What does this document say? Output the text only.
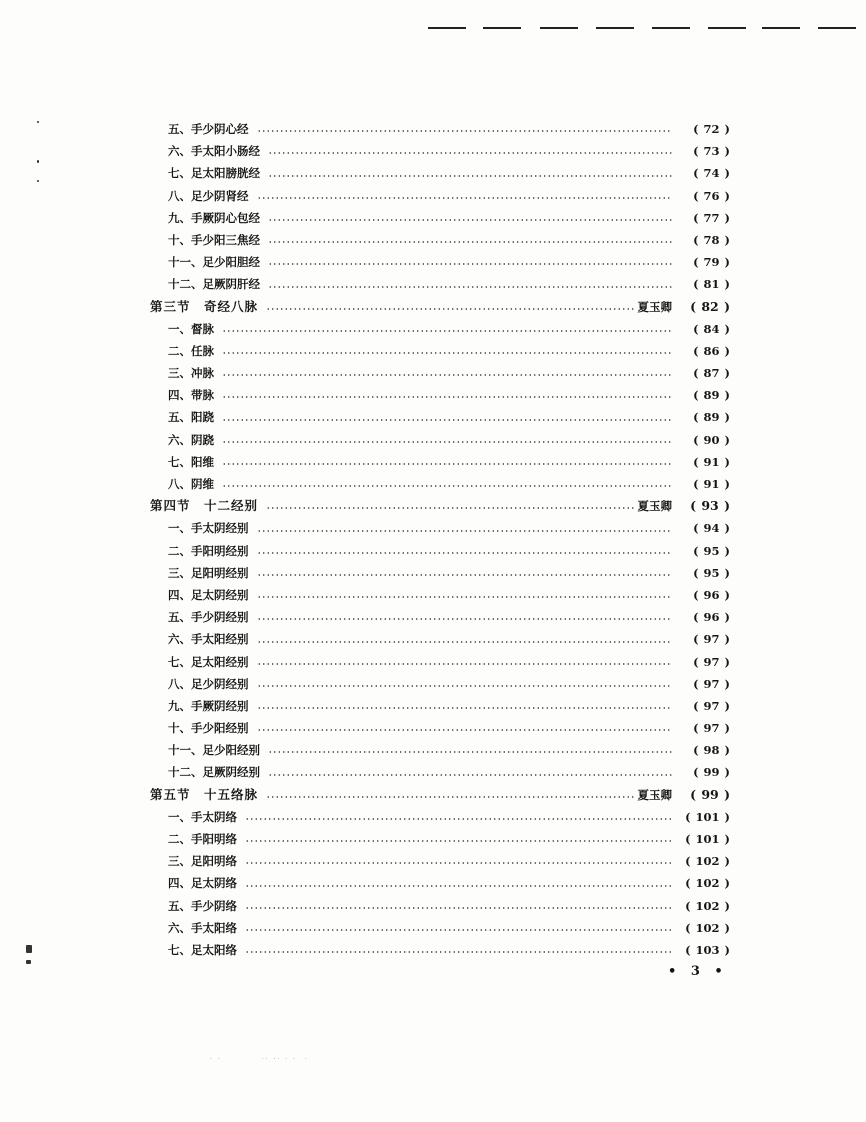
五、手少阴心经	( 72 )
六、手太阳小肠经	( 73 )
七、足太阳膀胱经	( 74 )
八、足少阴肾经	( 76 )
九、手厥阴心包经	( 77 )
十、手少阳三焦经	( 78 )
十一、足少阳胆经	( 79 )
十二、足厥阴肝经	( 81 )
第三节　奇经八脉	夏玉卿	( 82 )
一、督脉	( 84 )
二、任脉	( 86 )
三、冲脉	( 87 )
四、带脉	( 89 )
五、阳跷	( 89 )
六、阴跷	( 90 )
七、阳维	( 91 )
八、阴维	( 91 )
第四节　十二经别	夏玉卿	( 93 )
一、手太阴经别	( 94 )
二、手阳明经别	( 95 )
三、足阳明经别	( 95 )
四、足太阴经别	( 96 )
五、手少阴经别	( 96 )
六、手太阳经别	( 97 )
七、足太阳经别	( 97 )
八、足少阴经别	( 97 )
九、手厥阴经别	( 97 )
十、手少阳经别	( 97 )
十一、足少阳经别	( 98 )
十二、足厥阴经别	( 99 )
第五节　十五络脉	夏玉卿	( 99 )
一、手太阴络	( 101 )
二、手阳明络	( 101 )
三、足阳明络	( 102 )
四、足太阴络	( 102 )
五、手少阴络	( 102 )
六、手太阳络	( 102 )
七、足太阳络	( 103 )
• 3 •
. .　　　　　.. .. . .　.
